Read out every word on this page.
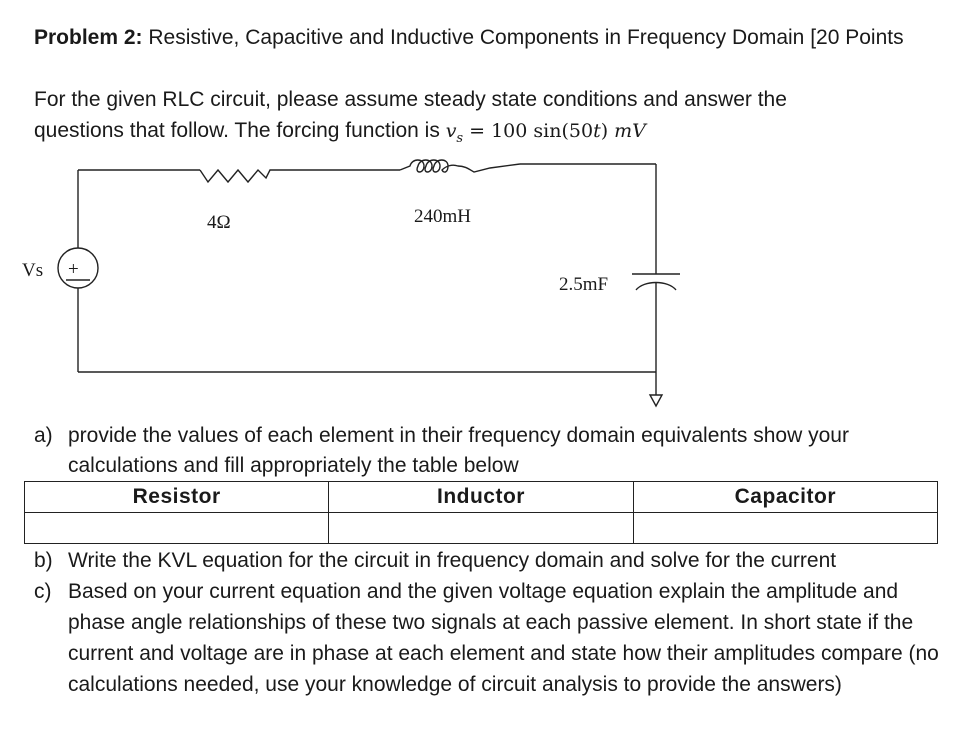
Problem 2: Resistive, Capacitive and Inductive Components in Frequency Domain [20 Points
For the given RLC circuit, please assume steady state conditions and answer the
questions that follow. The forcing function is $v_s = 100$ sin(50t) mV
Vs +
4Ω	240mH
2.5mF
a) provide the values of each element in their frequency domain equivalents show your calculations and fill appropriately the table below
Resistor	Inductor	Capacitor

b) Write the KVL equation for the circuit in frequency domain and solve for the current
c) Based on your current equation and the given voltage equation explain the amplitude and phase angle relationships of these two signals at each passive element. In short state if the current and voltage are in phase at each element and state how their amplitudes compare (no calculations needed, use your knowledge of circuit analysis to provide the answers)
